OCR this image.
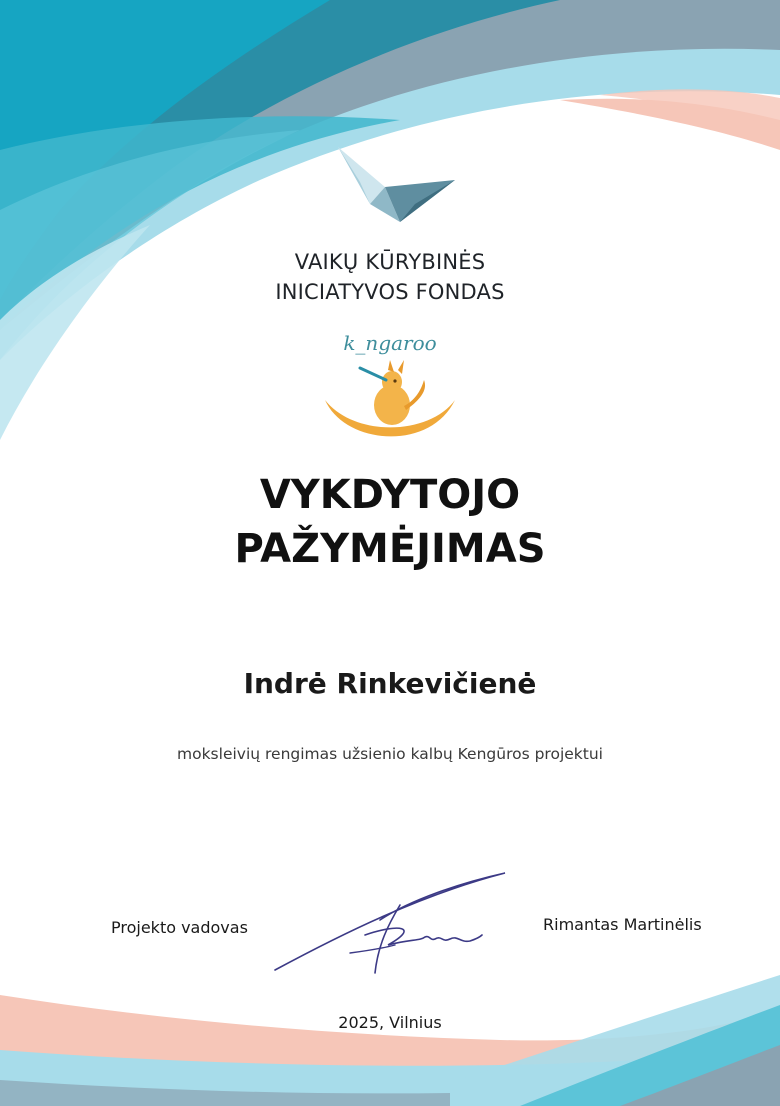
VAIKŲ KŪRYBINĖS
INICIATYVOS FONDAS
k_ngaroo
VYKDYTOJO
PAŽYMĖJIMAS
Indrė Rinkevičienė
moksleivių rengimas užsienio kalbų Kengūros projektui
Projekto vadovas	Rimantas Martinėlis
2025, Vilnius
